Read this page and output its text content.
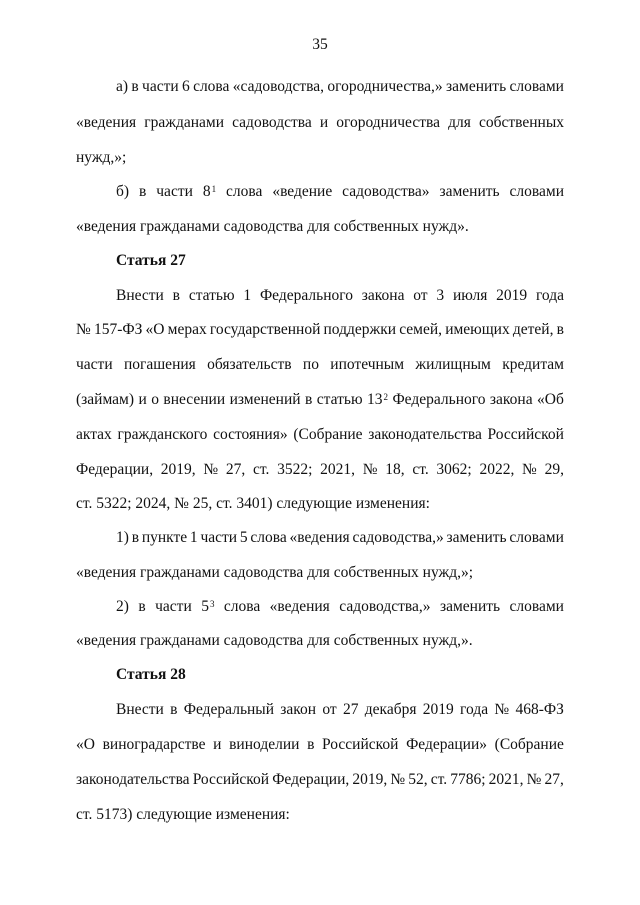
35
а) в части 6 слова «садоводства, огородничества,» заменить словами
«ведения гражданами садоводства и огородничества для собственных
нужд,»;
б) в части $8^1$ слова «ведение садоводства» заменить словами
«ведения гражданами садоводства для собственных нужд».
Статья 27
Внести в статью 1 Федерального закона от 3 июля 2019 года
№ 157-ФЗ «О мерах государственной поддержки семей, имеющих детей, в
части погашения обязательств по ипотечным жилищным кредитам
(займам) и о внесении изменений в статью $13^2$ Федерального закона «Об
актах гражданского состояния» (Собрание законодательства Российской
Федерации, 2019, № 27, ст. 3522; 2021, № 18, ст. 3062; 2022, № 29,
ст. 5322; 2024, № 25, ст. 3401) следующие изменения:
1) в пункте 1 части 5 слова «ведения садоводства,» заменить словами
«ведения гражданами садоводства для собственных нужд,»;
2) в части $5^3$ слова «ведения садоводства,» заменить словами
«ведения гражданами садоводства для собственных нужд,».
Статья 28
Внести в Федеральный закон от 27 декабря 2019 года № 468-ФЗ
«О виноградарстве и виноделии в Российской Федерации» (Собрание
законодательства Российской Федерации, 2019, № 52, ст. 7786; 2021, № 27,
ст. 5173) следующие изменения:
